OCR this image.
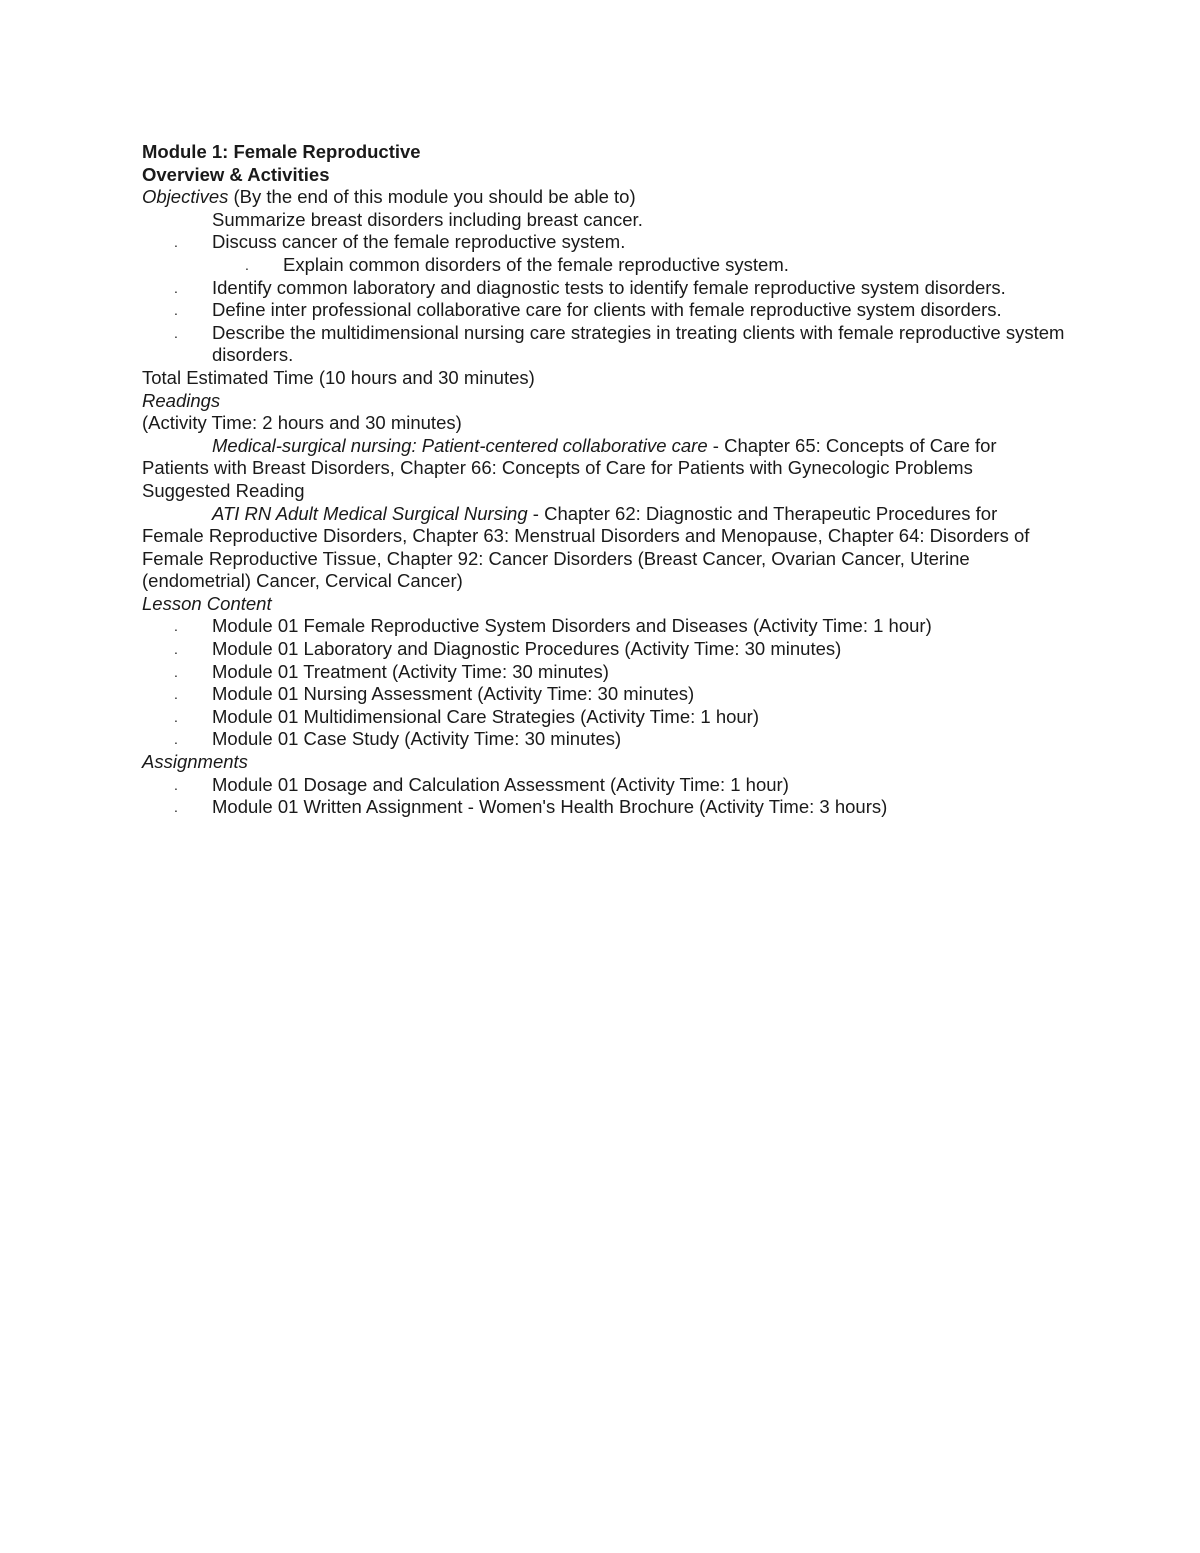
Module 1: Female Reproductive
Overview & Activities
Objectives (By the end of this module you should be able to)
Summarize breast disorders including breast cancer.
. Discuss cancer of the female reproductive system.
. Explain common disorders of the female reproductive system.
. Identify common laboratory and diagnostic tests to identify female reproductive system disorders.
. Define inter professional collaborative care for clients with female reproductive system disorders.
. Describe the multidimensional nursing care strategies in treating clients with female reproductive system disorders.
Total Estimated Time (10 hours and 30 minutes)
Readings
(Activity Time: 2 hours and 30 minutes)
Medical-surgical nursing: Patient-centered collaborative care - Chapter 65: Concepts of Care for Patients with Breast Disorders, Chapter 66: Concepts of Care for Patients with Gynecologic Problems
Suggested Reading
ATI RN Adult Medical Surgical Nursing - Chapter 62: Diagnostic and Therapeutic Procedures for Female Reproductive Disorders, Chapter 63: Menstrual Disorders and Menopause, Chapter 64: Disorders of Female Reproductive Tissue, Chapter 92: Cancer Disorders (Breast Cancer, Ovarian Cancer, Uterine (endometrial) Cancer, Cervical Cancer)
Lesson Content
. Module 01 Female Reproductive System Disorders and Diseases (Activity Time: 1 hour)
. Module 01 Laboratory and Diagnostic Procedures (Activity Time: 30 minutes)
. Module 01 Treatment (Activity Time: 30 minutes)
. Module 01 Nursing Assessment (Activity Time: 30 minutes)
. Module 01 Multidimensional Care Strategies (Activity Time: 1 hour)
. Module 01 Case Study (Activity Time: 30 minutes)
Assignments
. Module 01 Dosage and Calculation Assessment (Activity Time: 1 hour)
. Module 01 Written Assignment - Women's Health Brochure (Activity Time: 3 hours)
